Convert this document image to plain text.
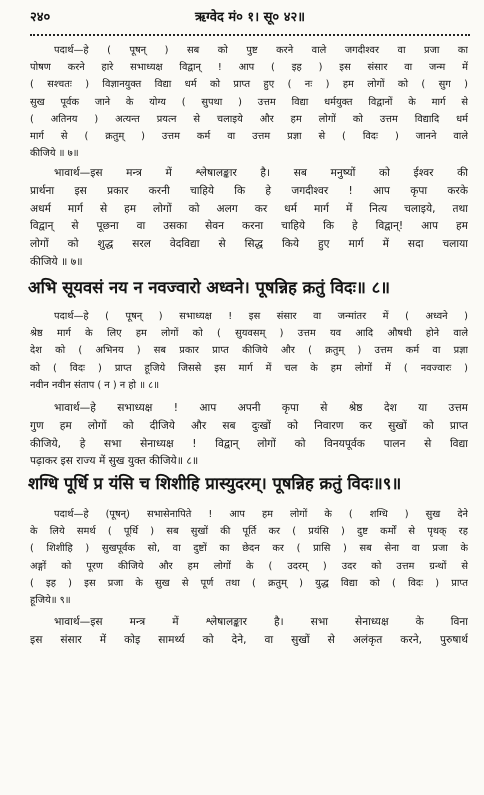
२४०	ऋग्वेद मं० १। सू० ४२॥
पदार्थ—हे ( पूषन् ) सब को पुष्ट करने वाले जगदीश्वर वा प्रजा का
पोषण करने हारे सभाध्यक्ष विद्वान् ! आप ( इह ) इस संसार वा जन्म में
( सश्चतः ) विज्ञानयुक्त विद्या धर्म को प्राप्त हुए ( नः ) हम लोगों को ( सुग )
सुख पूर्वक जाने के योग्य ( सुपथा ) उत्तम विद्या धर्मयुक्त विद्वानों के मार्ग से
( अतिनय ) अत्यन्त प्रयत्न से चलाइये और हम लोगों को उत्तम विद्यादि धर्म
मार्ग से ( क्रतुम् ) उत्तम कर्म वा उत्तम प्रज्ञा से ( विदः ) जानने वाले
कीजिये ॥ ७॥
भावार्थ—इस मन्त्र में श्लेषालङ्कार है। सब मनुष्यों को ईश्वर की
प्रार्थना इस प्रकार करनी चाहिये कि हे जगदीश्वर ! आप कृपा करके
अधर्म मार्ग से हम लोगों को अलग कर धर्म मार्ग में नित्य चलाइये, तथा
विद्वान् से पूछना वा उसका सेवन करना चाहिये कि हे विद्वान्! आप हम
लोगों को शुद्ध सरल वेदविद्या से सिद्ध किये हुए मार्ग में सदा चलाया
कीजिये ॥ ७॥
अभि सूयवसं नय न नवज्वारो अध्वने। पूषन्निह क्रतुं विदः॥ ८॥
पदार्थ—हे ( पूषन् ) सभाध्यक्ष ! इस संसार वा जन्मांतर में ( अध्वने )
श्रेष्ठ मार्ग के लिए हम लोगों को ( सुयवसम् ) उत्तम यव आदि औषधी होने वाले
देश को ( अभिनय ) सब प्रकार प्राप्त कीजिये और ( क्रतुम् ) उत्तम कर्म वा प्रज्ञा
को ( विदः ) प्राप्त हूजिये जिससे इस मार्ग में चल के हम लोगों में ( नवज्वारः )
नवीन नवीन संताप ( न ) न हो ॥ ८॥
भावार्थ—हे सभाध्यक्ष ! आप अपनी कृपा से श्रेष्ठ देश या उत्तम
गुण हम लोगों को दीजिये और सब दुःखों को निवारण कर सुखों को प्राप्त
कीजिये, हे सभा सेनाध्यक्ष ! विद्वान् लोगों को विनयपूर्वक पालन से विद्या
पढ़ाकर इस राज्य में सुख युक्त कीजिये॥ ८॥
शग्धि पूर्धि प्र यंसि च शिशीहि प्रास्युदरम्। पूषन्निह क्रतुं विदः॥९॥
पदार्थ—हे (पूषन्) सभासेनापिते ! आप हम लोगों के ( शग्धि ) सुख देने
के लिये समर्थ ( पूर्धि ) सब सुखों की पूर्ति कर ( प्रयंसि ) दुष्ट कर्मों से पृथक् रह
( शिशीहि ) सुखपूर्वक सो, वा दुष्टों का छेदन कर ( प्रासि ) सब सेना वा प्रजा के
अङ्गों को पूरण कीजिये और हम लोगों के ( उदरम् ) उदर को उत्तम ग्रन्थों से
( इह ) इस प्रजा के सुख से पूर्ण तथा ( क्रतुम् ) युद्ध विद्या को ( विदः ) प्राप्त
हूजिये॥ ९॥
भावार्थ—इस मन्त्र में श्लेषालङ्कार है। सभा सेनाध्यक्ष के विना
इस संसार में कोइ सामर्थ्य को देने, वा सुखों से अलंकृत करने, पुरुषार्थ
